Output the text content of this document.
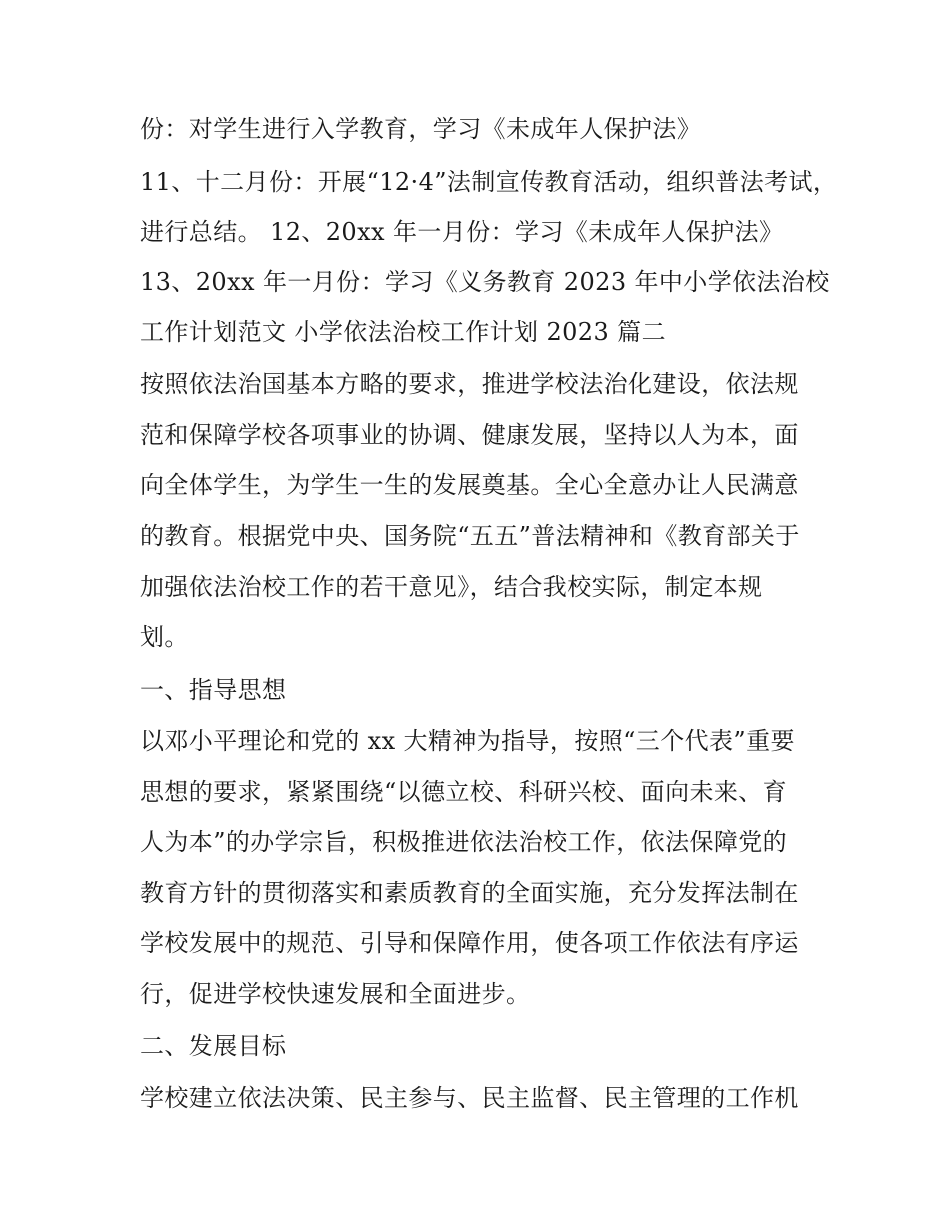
份：对学生进行入学教育，学习《未成年人保护法》
11、十二月份：开展“12·4”法制宣传教育活动，组织普法考试，
进行总结。 12、20xx 年一月份：学习《未成年人保护法》
13、20xx 年一月份：学习《义务教育 2023 年中小学依法治校
工作计划范文 小学依法治校工作计划 2023 篇二
按照依法治国基本方略的要求，推进学校法治化建设，依法规
范和保障学校各项事业的协调、健康发展，坚持以人为本，面
向全体学生，为学生一生的发展奠基。全心全意办让人民满意
的教育。根据党中央、国务院“五五”普法精神和《教育部关于
加强依法治校工作的若干意见》，结合我校实际，制定本规
划。
一、指导思想
以邓小平理论和党的 xx 大精神为指导，按照“三个代表”重要
思想的要求，紧紧围绕“以德立校、科研兴校、面向未来、育
人为本”的办学宗旨，积极推进依法治校工作，依法保障党的
教育方针的贯彻落实和素质教育的全面实施，充分发挥法制在
学校发展中的规范、引导和保障作用，使各项工作依法有序运
行，促进学校快速发展和全面进步。
二、发展目标
学校建立依法决策、民主参与、民主监督、民主管理的工作机
